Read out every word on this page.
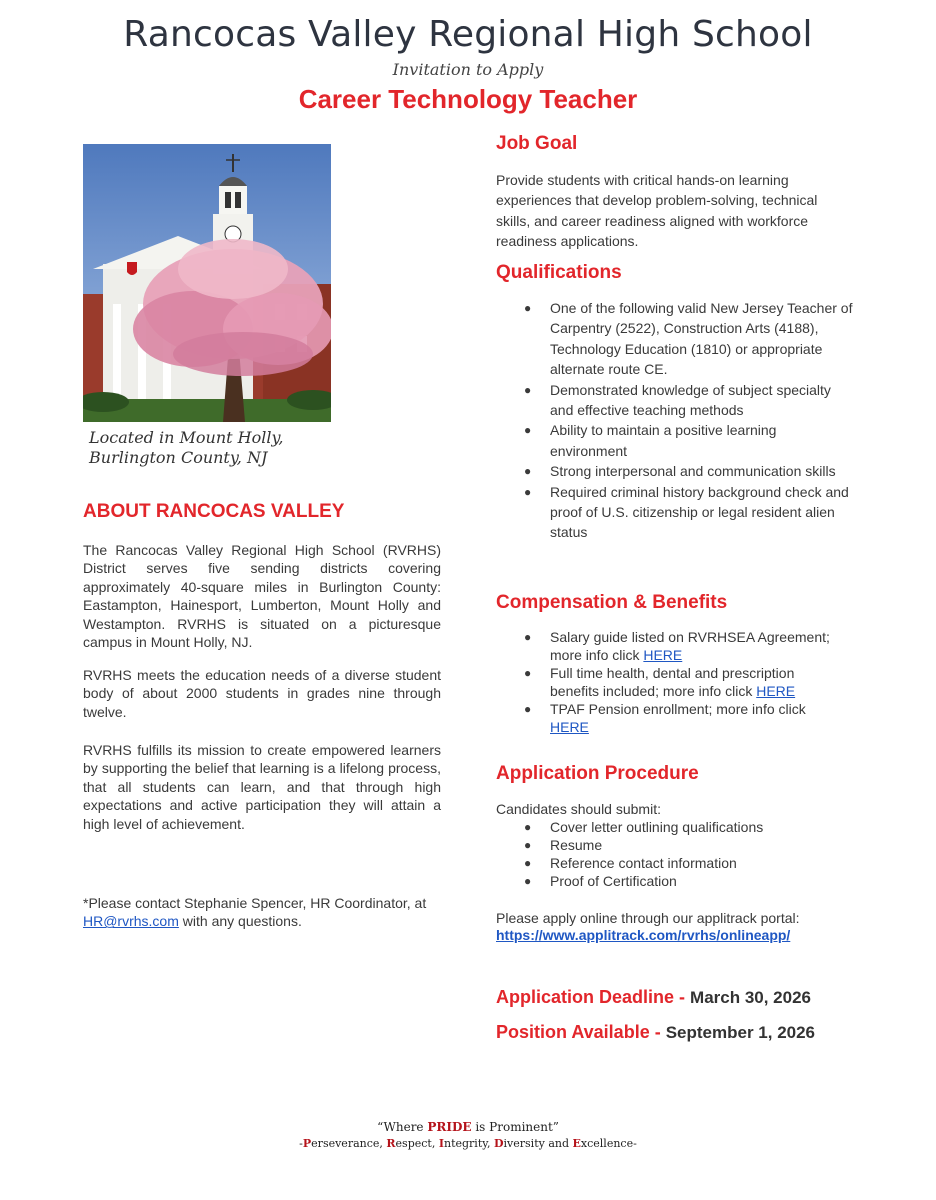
Rancocas Valley Regional High School
Invitation to Apply
Career Technology Teacher
Located in Mount Holly,
Burlington County, NJ
ABOUT RANCOCAS VALLEY
The Rancocas Valley Regional High School (RVRHS) District serves five sending districts covering approximately 40-square miles in Burlington County: Eastampton, Hainesport, Lumberton, Mount Holly and Westampton. RVRHS is situated on a picturesque campus in Mount Holly, NJ.
RVRHS meets the education needs of a diverse student body of about 2000 students in grades nine through twelve.
RVRHS fulfills its mission to create empowered learners by supporting the belief that learning is a lifelong process, that all students can learn, and that through high expectations and active participation they will attain a high level of achievement.
*Please contact Stephanie Spencer, HR Coordinator, at HR@rvrhs.com with any questions.
Job Goal
Provide students with critical hands-on learning experiences that develop problem-solving, technical skills, and career readiness aligned with workforce readiness applications.
Qualifications
● One of the following valid New Jersey Teacher of Carpentry (2522), Construction Arts (4188), Technology Education (1810) or appropriate alternate route CE.
● Demonstrated knowledge of subject specialty and effective teaching methods
● Ability to maintain a positive learning environment
● Strong interpersonal and communication skills
● Required criminal history background check and proof of U.S. citizenship or legal resident alien status
Compensation & Benefits
● Salary guide listed on RVRHSEA Agreement; more info click HERE
● Full time health, dental and prescription benefits included; more info click HERE
● TPAF Pension enrollment; more info click HERE
Application Procedure
Candidates should submit:
● Cover letter outlining qualifications
● Resume
● Reference contact information
● Proof of Certification
Please apply online through our applitrack portal:
https://www.applitrack.com/rvrhs/onlineapp/
Application Deadline - March 30, 2026
Position Available - September 1, 2026
“Where PRIDE is Prominent”
-Perseverance, Respect, Integrity, Diversity and Excellence-
